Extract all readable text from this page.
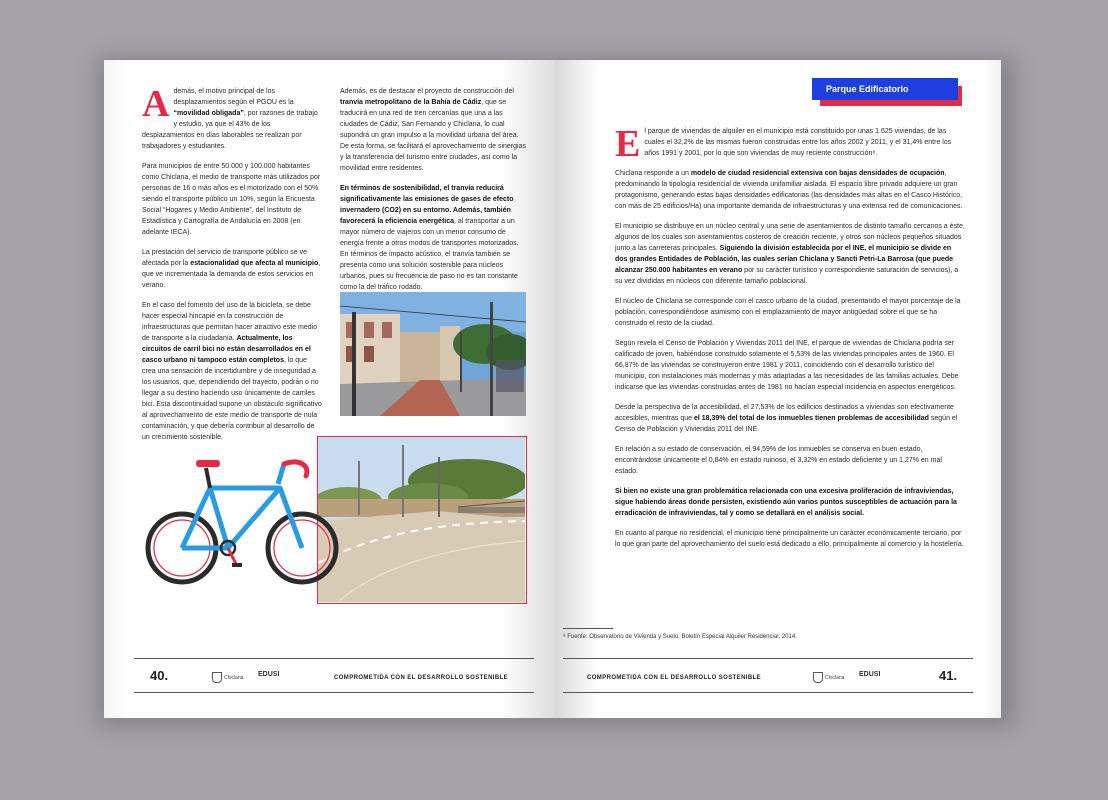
Además, el motivo principal de los desplazamientos según el PGOU es la “movilidad obligada”, por razones de trabajo y estudio, ya que el 43% de los desplazamientos en días laborables se realizan por trabajadores y estudiantes.

Para municipios de entre 50.000 y 100.000 habitantes como Chiclana, el medio de transporte más utilizados por personas de 16 o más años es el motorizado con el 50% siendo el transporte público un 10%, según la Encuesta Social “Hogares y Medio Ambiente”, del Instituto de Estadística y Cartografía de Andalucía en 2008 (en adelante IECA).

La prestación del servicio de transporte público se ve afectada por la estacionalidad que afecta al municipio, que ve incrementada la demanda de estos servicios en verano.

En el caso del fomento del uso de la bicicleta, se debe hacer especial hincapié en la construcción de infraestructuras que permitan hacer atractivo este medio de transporte a la ciudadanía. Actualmente, los circuitos de carril bici no están desarrollados en el casco urbano ni tampoco están completos, lo que crea una sensación de incertidumbre y de inseguridad a los usuarios, que, dependiendo del trayecto, podrán o no llegar a su destino haciendo uso únicamente de carriles bici. Esta discontinuidad supone un obstáculo significativo al aprovechamiento de este medio de transporte de nula contaminación, y que debería contribuir al desarrollo de un crecimiento sostenible.

Además, es de destacar el proyecto de construcción del tranvía metropolitano de la Bahía de Cádiz, que se traducirá en una red de tren cercanías que una a las ciudades de Cádiz, San Fernando y Chiclana, lo cual supondrá un gran impulso a la movilidad urbana del área. De esta forma, se facilitará el aprovechamiento de sinergias y la transferencia del turismo entre ciudades, así como la movilidad entre residentes.

En términos de sostenibilidad, el tranvía reducirá significativamente las emisiones de gases de efecto invernadero (CO2) en su entorno. Además, también favorecerá la eficiencia energética, al transportar a un mayor número de viajeros con un menor consumo de energía frente a otros modos de transportes motorizados. En términos de impacto acústico, el tranvía también se presenta como una solución sostenible para núcleos urbanos, pues su frecuencia de paso no es tan constante como la del tráfico rodado.

40.	Chiclana EDUSI	COMPROMETIDA CON EL DESARROLLO SOSTENIBLE

El parque de viviendas de alquiler en el municipio está constituido por unas 1.625 viviendas, de las cuales el 32,2% de las mismas fueron construidas entre los años 2002 y 2011, y el 31,4% entre los años 1991 y 2001, por lo que son viviendas de muy reciente construcción⁸.

Chiclana responde a un modelo de ciudad residencial extensiva con bajas densidades de ocupación, predominando la tipología residencial de vivienda unifamiliar aislada. El espacio libre privado adquiere un gran protagonismo, generando estas bajas densidades edificatorias (las densidades más altas en el Casco Histórico, con más de 25 edificios/Ha) una importante demanda de infraestructuras y una extensa red de comunicaciones.

El municipio se distribuye en un núcleo central y una serie de asentamientos de distinto tamaño cercanos a éste, algunos de los cuales son asentamientos costeros de creación reciente, y otros son núcleos pequeños situados junto a las carreteras principales. Siguiendo la división establecida por el INE, el municipio se divide en dos grandes Entidades de Población, las cuales serían Chiclana y Sancti Petri-La Barrosa (que puede alcanzar 250.000 habitantes en verano por su carácter turístico y correspondiente saturación de servicios), a su vez divididas en núcleos con diferente tamaño poblacional.

El núcleo de Chiclana se corresponde con el casco urbano de la ciudad, presentando el mayor porcentaje de la población, correspondiéndose asimismo con el emplazamiento de mayor antigüedad sobre el que se ha construido el resto de la ciudad.

Según revela el Censo de Población y Viviendas 2011 del INE, el parque de viviendas de Chiclana podría ser calificado de joven, habiéndose construido solamente el 5,53% de las viviendas principales antes de 1960. El 66,87% de las viviendas se construyeron entre 1981 y 2011, coincidiendo con el desarrollo turístico del municipio, con instalaciones más modernas y más adaptadas a las necesidades de las familias actuales. Debe indicarse que las viviendas construidas antes de 1981 no hacían especial incidencia en aspectos energéticos.

Desde la perspectiva de la accesibilidad, el 27,53% de los edificios destinados a viviendas son efectivamente accesibles, mientras que el 18,39% del total de los inmuebles tienen problemas de accesibilidad según el Censo de Población y Viviendas 2011 del INE.

En relación a su estado de conservación, el 94,59% de los inmuebles se conserva en buen estado, encontrándose únicamente el 0,84% en estado ruinoso, el 3,32% en estado deficiente y un 1,27% en mal estado.

Si bien no existe una gran problemática relacionada con una excesiva proliferación de infraviviendas, sigue habiendo áreas donde persisten, existiendo aún varios puntos susceptibles de actuación para la erradicación de infraviviendas, tal y como se detallará en el análisis social.

En cuanto al parque no residencial, el municipio tiene principalmente un carácter económicamente terciario, por lo que gran parte del aprovechamiento del suelo está dedicado a ello, principalmente al comercio y la hostelería.

⁸ Fuente: Observatorio de Vivienda y Suelo. Boletín Especial Alquiler Residencial. 2014.
COMPROMETIDA CON EL DESARROLLO SOSTENIBLE	Chiclana EDUSI	41.
Parque Edificatorio
